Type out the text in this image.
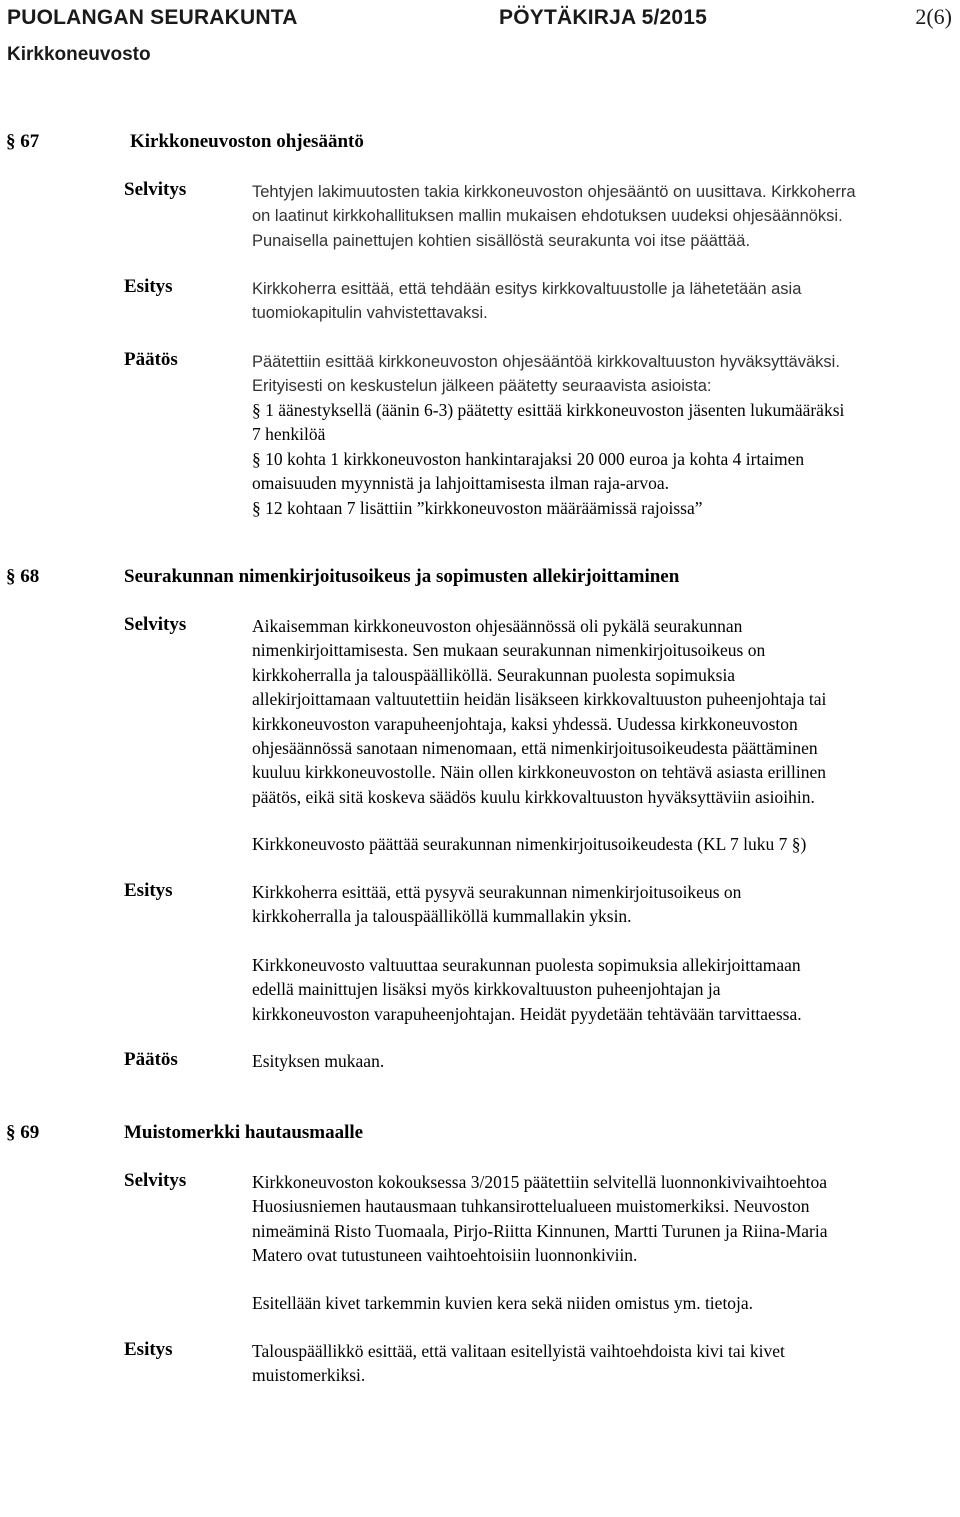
PUOLANGAN SEURAKUNTA	PÖYTÄKIRJA 5/2015	2(6)
Kirkkoneuvosto
§ 67	Kirkkoneuvoston ohjesääntö
Selvitys	Tehtyjen lakimuutosten takia kirkkoneuvoston ohjesääntö on uusittava. Kirkkoherra
on laatinut kirkkohallituksen mallin mukaisen ehdotuksen uudeksi ohjesäännöksi.
Punaisella painettujen kohtien sisällöstä seurakunta voi itse päättää.
Esitys	Kirkkoherra esittää, että tehdään esitys kirkkovaltuustolle ja lähetetään asia
tuomiokapitulin vahvistettavaksi.
Päätös	Päätettiin esittää kirkkoneuvoston ohjesääntöä kirkkovaltuuston hyväksyttäväksi.
Erityisesti on keskustelun jälkeen päätetty seuraavista asioista:
§ 1 äänestyksellä (äänin 6-3) päätetty esittää kirkkoneuvoston jäsenten lukumääräksi
7 henkilöä
§ 10 kohta 1 kirkkoneuvoston hankintarajaksi 20 000 euroa ja kohta 4 irtaimen
omaisuuden myynnistä ja lahjoittamisesta ilman raja-arvoa.
§ 12 kohtaan 7 lisättiin ”kirkkoneuvoston määräämissä rajoissa”
§ 68	Seurakunnan nimenkirjoitusoikeus ja sopimusten allekirjoittaminen
Selvitys	Aikaisemman kirkkoneuvoston ohjesäännössä oli pykälä seurakunnan
nimenkirjoittamisesta. Sen mukaan seurakunnan nimenkirjoitusoikeus on
kirkkoherralla ja talouspäälliköllä. Seurakunnan puolesta sopimuksia
allekirjoittamaan valtuutettiin heidän lisäkseen kirkkovaltuuston puheenjohtaja tai
kirkkoneuvoston varapuheenjohtaja, kaksi yhdessä. Uudessa kirkkoneuvoston
ohjesäännössä sanotaan nimenomaan, että nimenkirjoitusoikeudesta päättäminen
kuuluu kirkkoneuvostolle. Näin ollen kirkkoneuvoston on tehtävä asiasta erillinen
päätös, eikä sitä koskeva säädös kuulu kirkkovaltuuston hyväksyttäviin asioihin.
Kirkkoneuvosto päättää seurakunnan nimenkirjoitusoikeudesta (KL 7 luku 7 §)
Esitys	Kirkkoherra esittää, että pysyvä seurakunnan nimenkirjoitusoikeus on
kirkkoherralla ja talouspäälliköllä kummallakin yksin.
Kirkkoneuvosto valtuuttaa seurakunnan puolesta sopimuksia allekirjoittamaan
edellä mainittujen lisäksi myös kirkkovaltuuston puheenjohtajan ja
kirkkoneuvoston varapuheenjohtajan. Heidät pyydetään tehtävään tarvittaessa.
Päätös	Esityksen mukaan.
§ 69	Muistomerkki hautausmaalle
Selvitys	Kirkkoneuvoston kokouksessa 3/2015 päätettiin selvitellä luonnonkivivaihtoehtoa
Huosiusniemen hautausmaan tuhkansirottelualueen muistomerkiksi. Neuvoston
nimeäminä Risto Tuomaala, Pirjo-Riitta Kinnunen, Martti Turunen ja Riina-Maria
Matero ovat tutustuneen vaihtoehtoisiin luonnonkiviin.
Esitellään kivet tarkemmin kuvien kera sekä niiden omistus ym. tietoja.
Esitys	Talouspäällikkö esittää, että valitaan esitellyistä vaihtoehdoista kivi tai kivet
muistomerkiksi.
